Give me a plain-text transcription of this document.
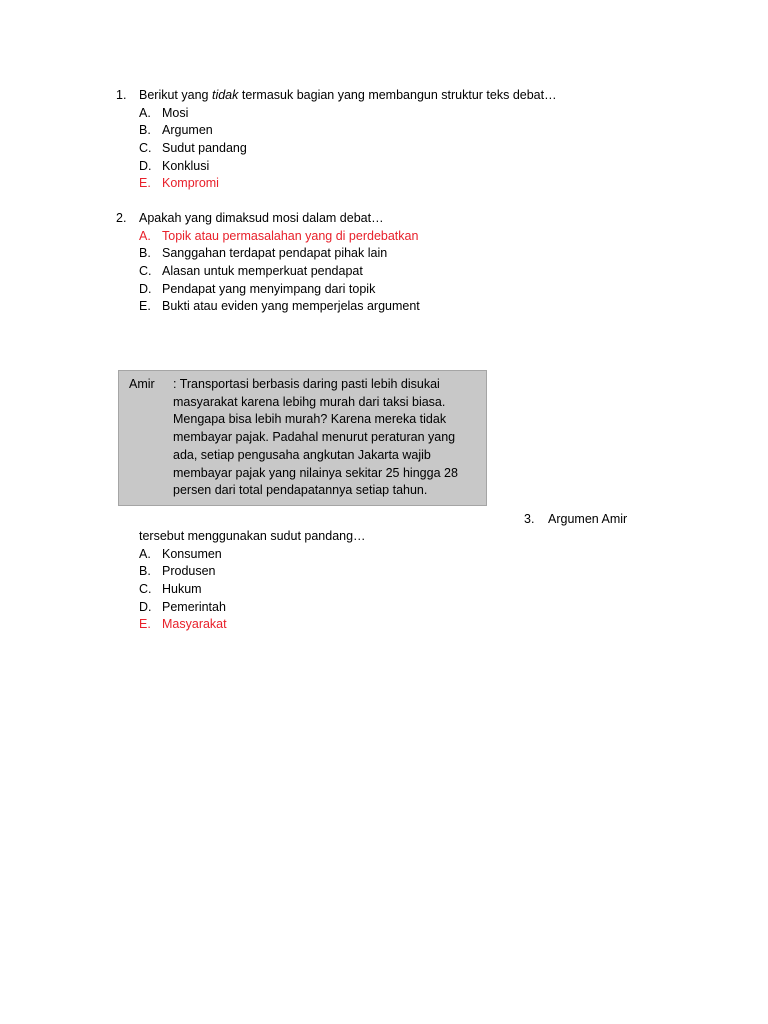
1. Berikut yang tidak termasuk bagian yang membangun struktur teks debat…
A. Mosi
B. Argumen
C. Sudut pandang
D. Konklusi
E. Kompromi
2. Apakah yang dimaksud mosi dalam debat…
A. Topik atau permasalahan yang di perdebatkan
B. Sanggahan terdapat pendapat pihak lain
C. Alasan untuk memperkuat pendapat
D. Pendapat yang menyimpang dari topik
E. Bukti atau eviden yang memperjelas argument
Amir : Transportasi berbasis daring pasti lebih disukai masyarakat karena lebihg murah dari taksi biasa. Mengapa bisa lebih murah? Karena mereka tidak membayar pajak. Padahal menurut peraturan yang ada, setiap pengusaha angkutan Jakarta wajib membayar pajak yang nilainya sekitar 25 hingga 28 persen dari total pendapatannya setiap tahun.
3. Argumen Amir
tersebut menggunakan sudut pandang…
A. Konsumen
B. Produsen
C. Hukum
D. Pemerintah
E. Masyarakat
